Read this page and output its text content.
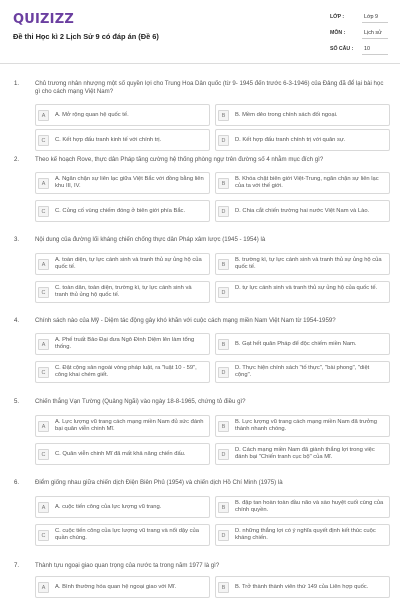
QUIZIZZ
Đề thi Học kì 2 Lịch Sử 9 có đáp án (Đề 6)
LỚP :	Lớp 9
MÔN :	Lịch sử
SỐ CÂU : 10
1.	Chủ trương nhân nhượng một số quyền lợi cho Trung Hoa Dân quốc (từ 9- 1945 đến trước 6-3-1946) của Đảng đã để lại bài học gì cho cách mạng Việt Nam?
A	A. Mở rộng quan hệ quốc tế.	B	B. Mềm dẻo trong chính sách đối ngoại.
C	C. Kết hợp đấu tranh kinh tế với chính trị.	D	D. Kết hợp đấu tranh chính trị với quân sự.
2.	Theo kế hoạch Rove, thực dân Pháp tăng cường hệ thống phòng ngự trên đường số 4 nhằm mục đích gì?
A
A. Ngăn chặn sự liên lạc giữa Việt Bắc với đồng bằng liên khu III, IV.	B
B. Khóa chặt biên giới Việt-Trung, ngăn chặn sự liên lạc của ta với thế giới.
C	C. Củng cố vùng chiếm đóng ở biên giới phía Bắc.	D	D. Chia cắt chiến trường hai nước Việt Nam và Lào.
3.	Nội dung của đường lối kháng chiến chống thực dân Pháp xâm lược (1945 - 1954) là
A
A. toàn diện, tự lực cánh sinh và tranh thủ sự ủng hộ của quốc tế.	B
B. trường kì, tự lực cánh sinh và tranh thủ sự ủng hộ của quốc tế.
C
C. toàn dân, toàn diện, trường kì, tự lực cánh sinh và tranh thủ ủng hộ quốc tế.	D
D. tự lực cánh sinh và tranh thủ sự ủng hộ của quốc tế.
4.	Chính sách nào của Mỹ - Diệm tác động gây khó khăn với cuộc cách mạng miền Nam Việt Nam từ 1954-1959?
A
A. Phế truất Bảo Đại đưa Ngô Đình Diệm lên làm tổng thống.	B	B. Gạt hết quân Pháp để độc chiếm miền Nam.
C
C. Đặt cộng sản ngoài vòng pháp luật, ra "luật 10 - 59", công khai chém giết.	D
D. Thực hiện chính sách "tố thực", "bài phong", "diệt cộng".
5.	Chiến thắng Vạn Tường (Quảng Ngãi) vào ngày 18-8-1965, chứng tỏ điều gì?
A
A. Lực lượng vũ trang cách mạng miền Nam đủ sức đánh bại quân viễn chinh Mĩ.	B
B. Lực lượng vũ trang cách mạng miền Nam đã trưởng thành nhanh chóng.
C	C. Quân viễn chinh Mĩ đã mất khả năng chiến đấu.	D
D. Cách mạng miền Nam đã giành thắng lợi trong việc đánh bại "Chiến tranh cục bộ" của Mĩ.
6.	Điểm giống nhau giữa chiến dịch Điện Biên Phủ (1954) và chiến dịch Hồ Chí Minh (1975) là
A	A. cuộc tiến công của lực lượng vũ trang.	B
B. đập tan hoàn toàn đầu não và sào huyệt cuối cùng của chính quyền.
C
C. cuộc tiến công của lực lượng vũ trang và nổi dậy của quần chúng.	D
D. những thắng lợi có ý nghĩa quyết định kết thúc cuộc kháng chiến.
7.	Thành tựu ngoại giao quan trọng của nước ta trong năm 1977 là gì?
A	A. Bình thường hóa quan hệ ngoại giao với Mĩ.	B	B. Trở thành thành viên thứ 149 của Liên hợp quốc.
